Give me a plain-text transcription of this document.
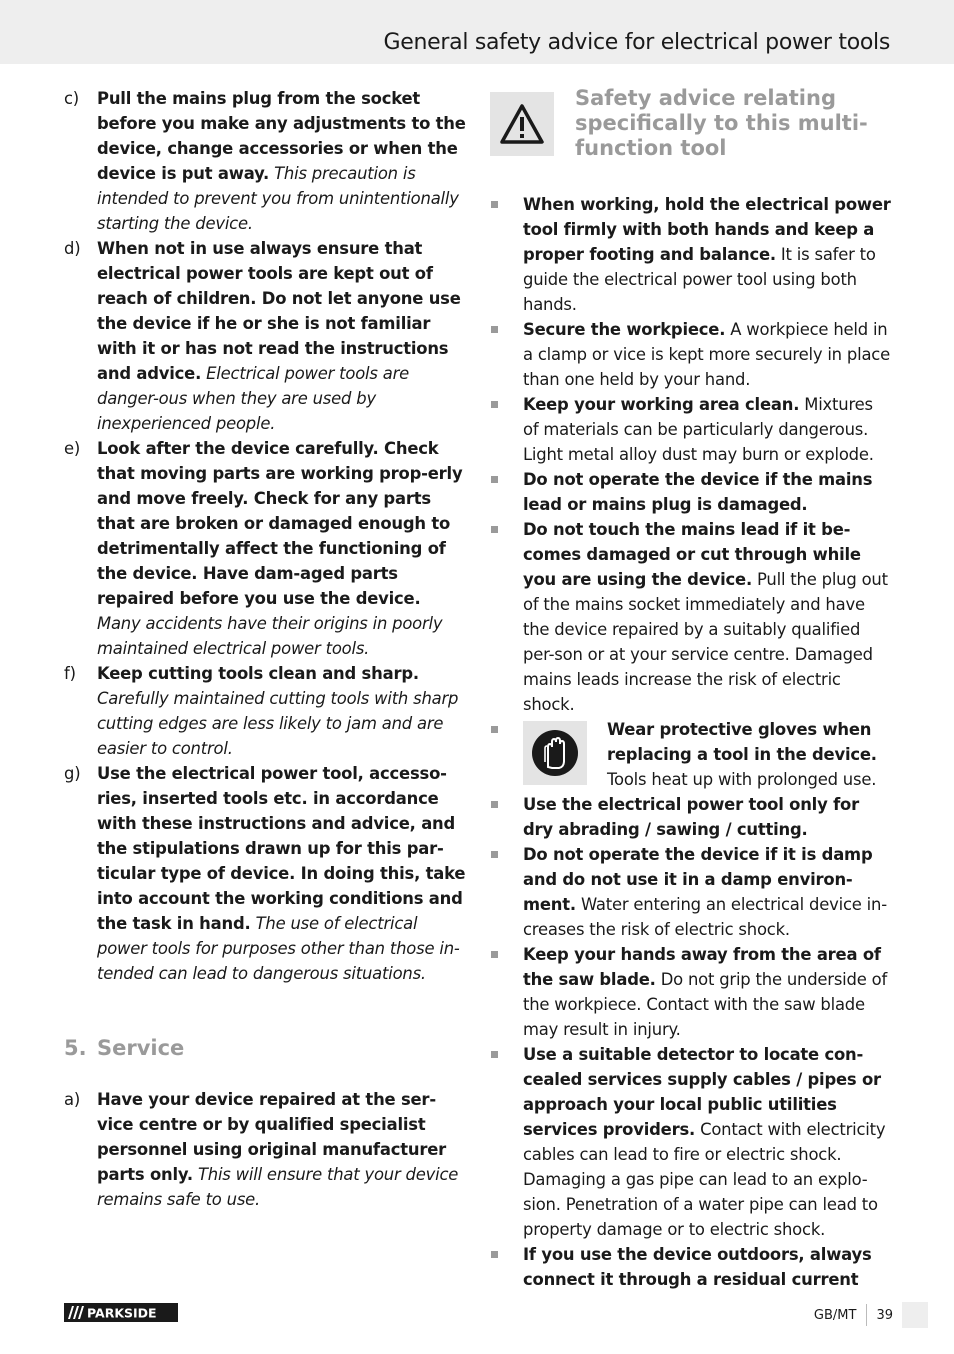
General safety advice for electrical power tools
c)	Pull the mains plug from the socket before you make any adjustments to the device, change accessories or when the device is put away. This precaution is intended to prevent you from unintentionally starting the device.
d)	When not in use always ensure that electrical power tools are kept out of reach of children. Do not let anyone use the device if he or she is not familiar with it or has not read the instructions and advice. Electrical power tools are danger-ous when they are used by inexperienced people.
e)	Look after the device carefully. Check that moving parts are working prop-erly and move freely. Check for any parts that are broken or damaged enough to detrimentally affect the functioning of the device. Have dam-aged parts repaired before you use the device. Many accidents have their origins in poorly maintained electrical power tools.
f)	Keep cutting tools clean and sharp. Carefully maintained cutting tools with sharp cutting edges are less likely to jam and are easier to control.
g)	Use the electrical power tool, accesso-ries, inserted tools etc. in accordance with these instructions and advice, and the stipulations drawn up for this par-ticular type of device. In doing this, take into account the working conditions and the task in hand. The use of electrical power tools for purposes other than those in-tended can lead to dangerous situations.
5. Service
a)	Have your device repaired at the ser-vice centre or by qualified specialist personnel using original manufacturer parts only. This will ensure that your device remains safe to use.
Safety advice relating specifically to this multi-function tool
When working, hold the electrical power tool firmly with both hands and keep a proper footing and balance. It is safer to guide the electrical power tool using both hands.
Secure the workpiece. A workpiece held in a clamp or vice is kept more securely in place than one held by your hand.
Keep your working area clean. Mixtures of materials can be particularly dangerous. Light metal alloy dust may burn or explode.
Do not operate the device if the mains lead or mains plug is damaged.
Do not touch the mains lead if it be-comes damaged or cut through while you are using the device. Pull the plug out of the mains socket immediately and have the device repaired by a suitably qualified per-son or at your service centre. Damaged mains leads increase the risk of electric shock.
Wear protective gloves when replacing a tool in the device. Tools heat up with prolonged use.
Use the electrical power tool only for dry abrading / sawing / cutting.
Do not operate the device if it is damp and do not use it in a damp environ-ment. Water entering an electrical device in-creases the risk of electric shock.
Keep your hands away from the area of the saw blade. Do not grip the underside of the workpiece. Contact with the saw blade may result in injury.
Use a suitable detector to locate con-cealed services supply cables / pipes or approach your local public utilities services providers. Contact with electricity cables can lead to fire or electric shock. Damaging a gas pipe can lead to an explo-sion. Penetration of a water pipe can lead to property damage or to electric shock.
If you use the device outdoors, always connect it through a residual current
PARKSIDE	GB/MT	39
